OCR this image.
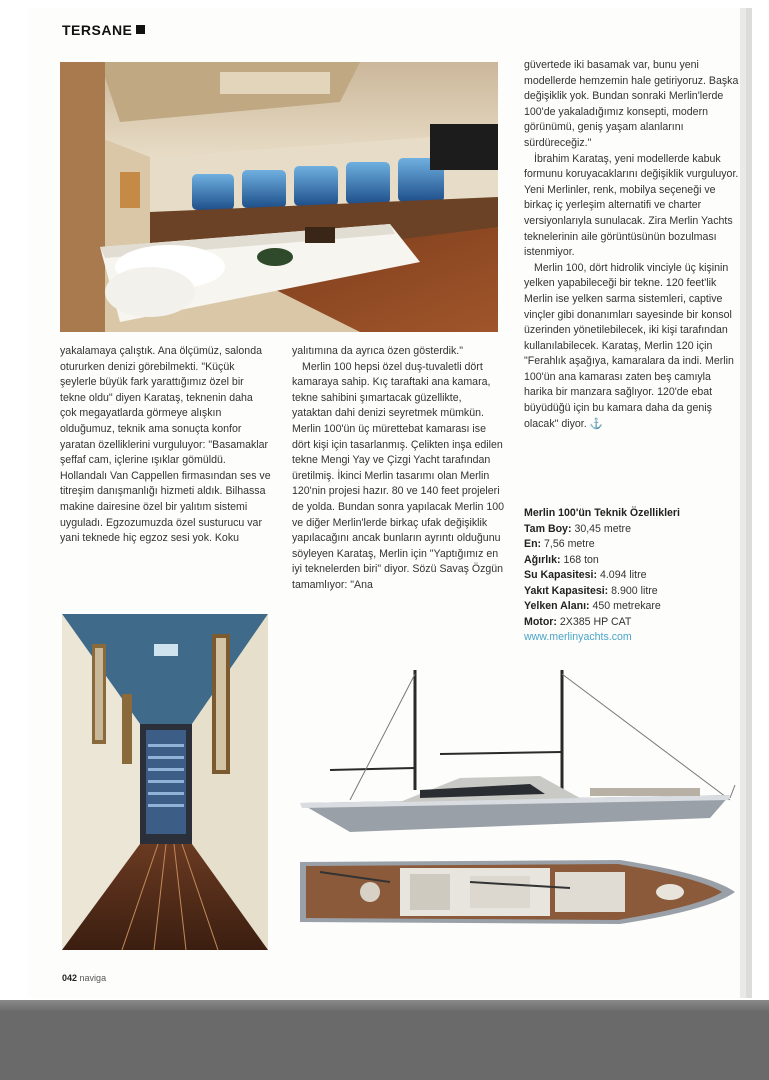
TERSANE

yakalamaya çalıştık. Ana ölçümüz, salonda otururken denizi görebilmekti. "Küçük şeylerle büyük fark yarattığımız özel bir tekne oldu" diyen Karataş, teknenin daha çok megayatlarda görmeye alışkın olduğumuz, teknik ama sonuçta konfor yaratan özelliklerini vurguluyor: "Basamaklar şeffaf cam, içlerine ışıklar gömüldü. Hollandalı Van Cappellen firmasından ses ve titreşim danışmanlığı hizmeti aldık. Bilhassa makine dairesine özel bir yalıtım sistemi uyguladı. Egzozumuzda özel susturucu var yani teknede hiç egzoz sesi yok. Koku

yalıtımına da ayrıca özen gösterdik."

Merlin 100 hepsi özel duş-tuvaletli dört kamaraya sahip. Kıç taraftaki ana kamara, tekne sahibini şımartacak güzellikte, yataktan dahi denizi seyretmek mümkün. Merlin 100'ün üç mürettebat kamarası ise dört kişi için tasarlanmış. Çelikten inşa edilen tekne Mengi Yay ve Çizgi Yacht tarafından üretilmiş. İkinci Merlin tasarımı olan Merlin 120'nin projesi hazır. 80 ve 140 feet projeleri de yolda. Bundan sonra yapılacak Merlin 100 ve diğer Merlin'lerde birkaç ufak değişiklik yapılacağını ancak bunların ayrıntı olduğunu söyleyen Karataş, Merlin için "Yaptığımız en iyi teknelerden biri" diyor. Sözü Savaş Özgün tamamlıyor: "Ana

güvertede iki basamak var, bunu yeni modellerde hemzemin hale getiriyoruz. Başka değişiklik yok. Bundan sonraki Merlin'lerde 100'de yakaladığımız konsepti, modern görünümü, geniş yaşam alanlarını sürdüreceğiz."

İbrahim Karataş, yeni modellerde kabuk formunu koruyacaklarını değişiklik vurguluyor. Yeni Merlinler, renk, mobilya seçeneği ve birkaç iç yerleşim alternatifi ve charter versiyonlarıyla sunulacak. Zira Merlin Yachts teknelerinin aile görüntüsünün bozulması istenmiyor.

Merlin 100, dört hidrolik vinciyle üç kişinin yelken yapabileceği bir tekne. 120 feet'lik Merlin ise yelken sarma sistemleri, captive vinçler gibi donanımları sayesinde bir konsol üzerinden yönetilebilecek, iki kişi tarafından kullanılabilecek. Karataş, Merlin 120 için "Ferahlık aşağıya, kamaralara da indi. Merlin 100'ün ana kamarası zaten beş camıyla harika bir manzara sağlıyor. 120'de ebat büyüdüğü için bu kamara daha da geniş olacak" diyor. ⚓

Merlin 100'ün Teknik Özellikleri
Tam Boy: 30,45 metre
En: 7,56 metre
Ağırlık: 168 ton
Su Kapasitesi: 4.094 litre
Yakıt Kapasitesi: 8.900 litre
Yelken Alanı: 450 metrekare
Motor: 2X385 HP CAT
www.merlinyachts.com
042 naviga
